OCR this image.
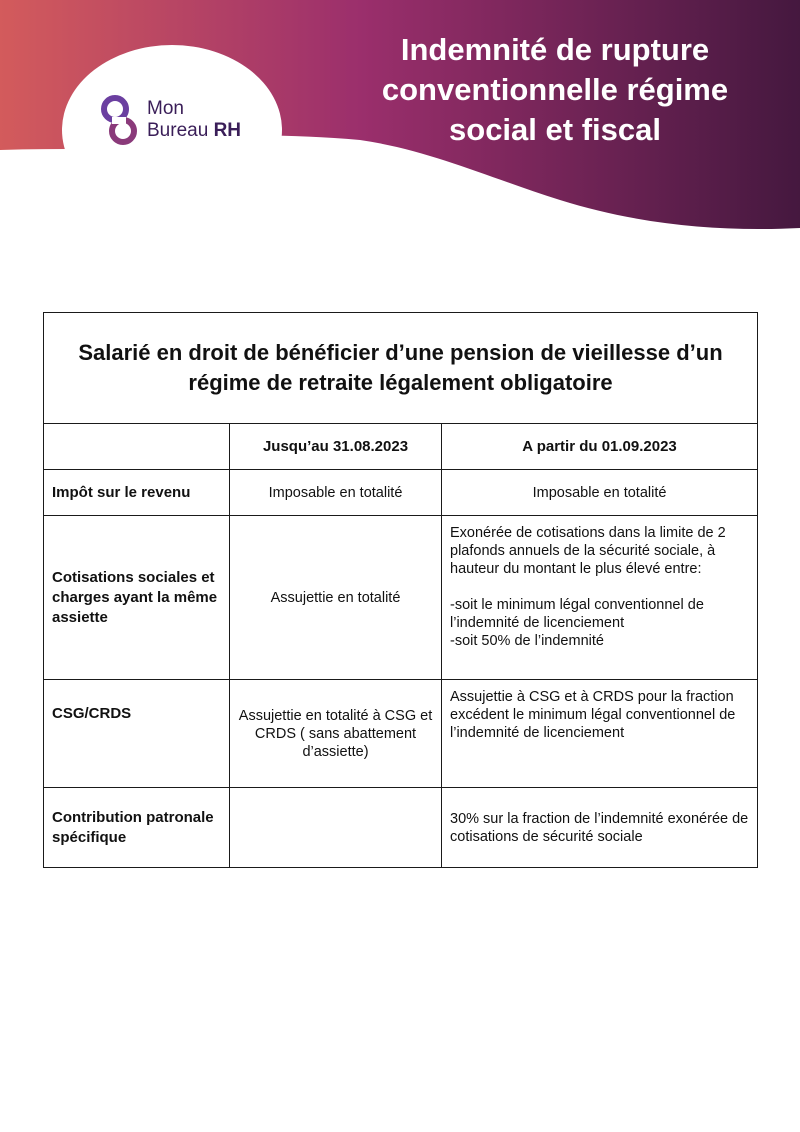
Indemnité de rupture conventionnelle régime social et fiscal
Mon
Bureau RH
Salarié en droit de bénéficier d’une pension de vieillesse d’un régime de retraite légalement obligatoire		
	Jusqu’au 31.08.2023	A partir du 01.09.2023
Impôt sur le revenu	Imposable en totalité	Imposable en totalité
Cotisations sociales et charges ayant la même assiette	Assujettie en totalité	Exonérée de cotisations dans la limite de 2 plafonds annuels de la sécurité sociale, à hauteur du montant le plus élevé entre:

-soit le minimum légal conventionnel de l’indemnité de licenciement
-soit 50% de l’indemnité
CSG/CRDS	Assujettie en totalité à CSG et CRDS ( sans abattement d’assiette)	Assujettie à CSG et à CRDS pour la fraction excédent le minimum légal conventionnel de l’indemnité de licenciement
Contribution patronale spécifique		30% sur la fraction de l’indemnité exonérée de cotisations de sécurité sociale
